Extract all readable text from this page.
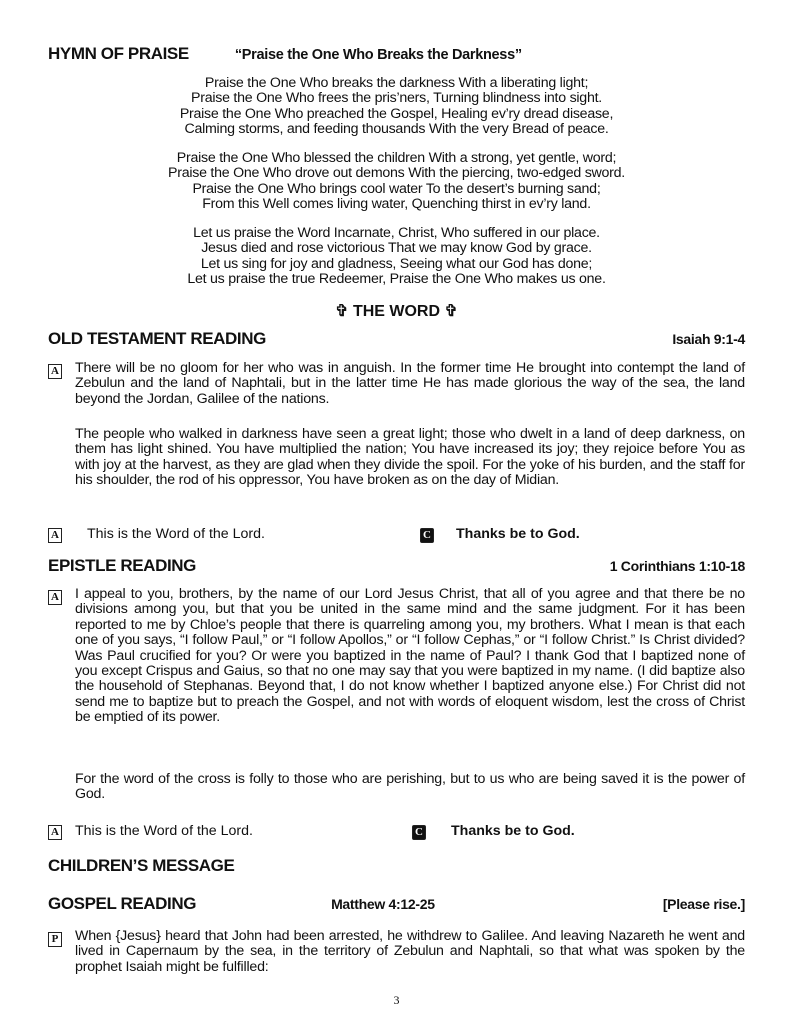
HYMN OF PRAISE	“Praise the One Who Breaks the Darkness”
Praise the One Who breaks the darkness With a liberating light;
Praise the One Who frees the pris’ners, Turning blindness into sight.
Praise the One Who preached the Gospel, Healing ev’ry dread disease,
Calming storms, and feeding thousands With the very Bread of peace.
Praise the One Who blessed the children With a strong, yet gentle, word;
Praise the One Who drove out demons With the piercing, two-edged sword.
Praise the One Who brings cool water To the desert’s burning sand;
From this Well comes living water, Quenching thirst in ev’ry land.
Let us praise the Word Incarnate, Christ, Who suffered in our place.
Jesus died and rose victorious That we may know God by grace.
Let us sing for joy and gladness, Seeing what our God has done;
Let us praise the true Redeemer, Praise the One Who makes us one.
✞ THE WORD ✞
OLD TESTAMENT READING	Isaiah 9:1-4
A There will be no gloom for her who was in anguish. In the former time He brought into contempt the land of Zebulun and the land of Naphtali, but in the latter time He has made glorious the way of the sea, the land beyond the Jordan, Galilee of the nations.
The people who walked in darkness have seen a great light; those who dwelt in a land of deep darkness, on them has light shined. You have multiplied the nation; You have increased its joy; they rejoice before You as with joy at the harvest, as they are glad when they divide the spoil. For the yoke of his burden, and the staff for his shoulder, the rod of his oppressor, You have broken as on the day of Midian.
A This is the Word of the Lord.	C Thanks be to God.
EPISTLE READING	1 Corinthians 1:10-18
A I appeal to you, brothers, by the name of our Lord Jesus Christ, that all of you agree and that there be no divisions among you, but that you be united in the same mind and the same judgment. For it has been reported to me by Chloe’s people that there is quarreling among you, my brothers. What I mean is that each one of you says, “I follow Paul,” or “I follow Apollos,” or “I follow Cephas,” or “I follow Christ.” Is Christ divided? Was Paul crucified for you? Or were you baptized in the name of Paul? I thank God that I baptized none of you except Crispus and Gaius, so that no one may say that you were baptized in my name. (I did baptize also the household of Stephanas. Beyond that, I do not know whether I baptized anyone else.) For Christ did not send me to baptize but to preach the Gospel, and not with words of eloquent wisdom, lest the cross of Christ be emptied of its power.
For the word of the cross is folly to those who are perishing, but to us who are being saved it is the power of God.
A This is the Word of the Lord.	C Thanks be to God.
CHILDREN’S MESSAGE
GOSPEL READING	Matthew 4:12-25	[Please rise.]
P When {Jesus} heard that John had been arrested, he withdrew to Galilee. And leaving Nazareth he went and lived in Capernaum by the sea, in the territory of Zebulun and Naphtali, so that what was spoken by the prophet Isaiah might be fulfilled:
3
